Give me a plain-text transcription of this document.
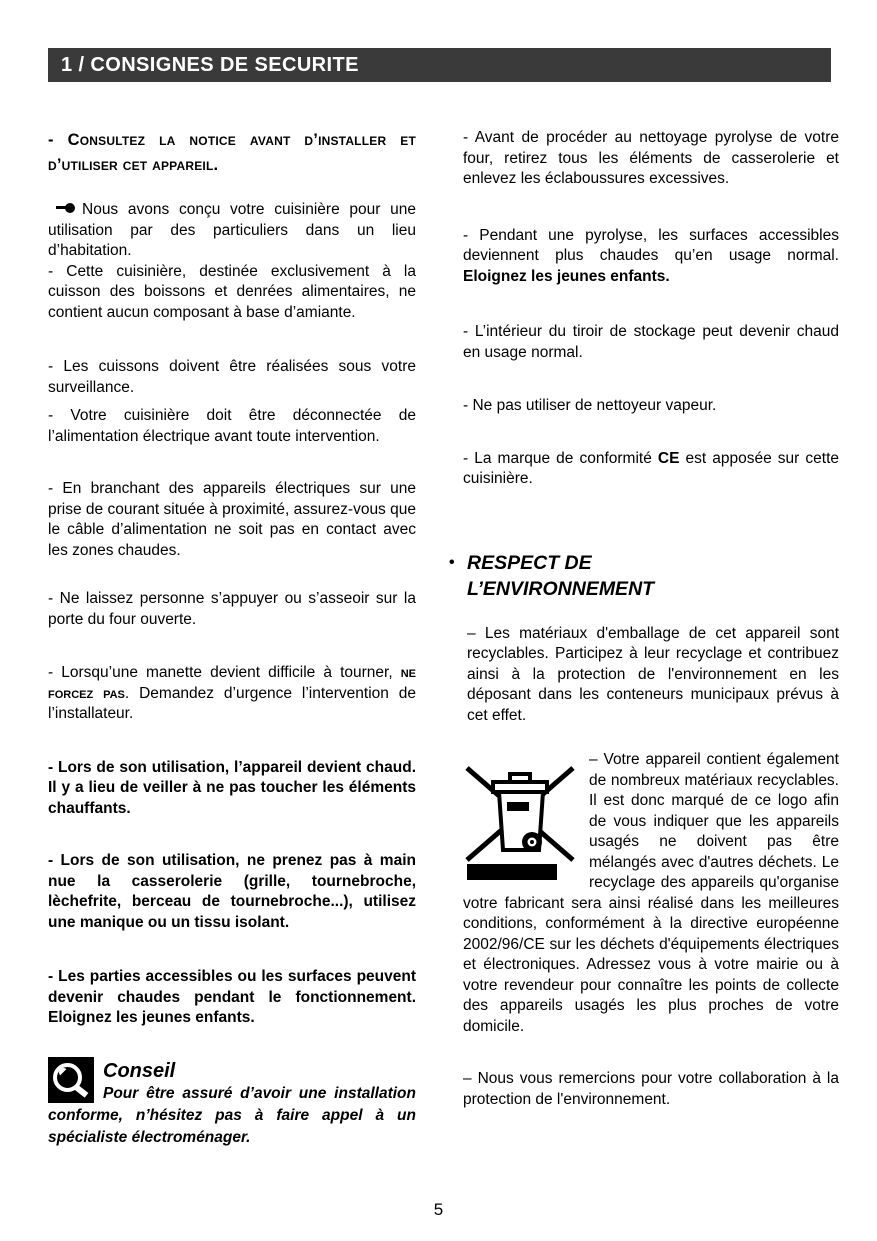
1 / CONSIGNES DE SECURITE

- Consultez la notice avant d’installer et d’utiliser cet appareil.

Nous avons conçu votre cuisinière pour une utilisation par des particuliers dans un lieu d’habitation.

- Cette cuisinière, destinée exclusivement à la cuisson des boissons et denrées alimentaires, ne contient aucun composant à base d’amiante.

- Les cuissons doivent être réalisées sous votre surveillance.

- Votre cuisinière doit être déconnectée de l’alimentation électrique avant toute intervention.

- En branchant des appareils électriques sur une prise de courant située à proximité, assurez-vous que le câble d’alimentation ne soit pas en contact avec les zones chaudes.

- Ne laissez personne s’appuyer ou s’asseoir sur la porte du four ouverte.

- Lorsqu’une manette devient difficile à tourner, ne forcez pas. Demandez d’urgence l’intervention de l’installateur.

- Lors de son utilisation, l’appareil devient chaud. Il y a lieu de veiller à ne pas toucher les éléments chauffants.

- Lors de son utilisation, ne prenez pas à main nue la casserolerie (grille, tournebroche, lèchefrite, berceau de tournebroche...), utilisez une manique ou un tissu isolant.

- Les parties accessibles ou les surfaces peuvent devenir chaudes pendant le fonctionnement. Eloignez les jeunes enfants.

Conseil

Pour être assuré d’avoir une installation conforme, n’hésitez pas à faire appel à un spécialiste électroménager.

- Avant de procéder au nettoyage pyrolyse de votre four, retirez tous les éléments de casserolerie et enlevez les éclaboussures excessives.

- Pendant une pyrolyse, les surfaces accessibles deviennent plus chaudes qu’en usage normal. Eloignez les jeunes enfants.

- L’intérieur du tiroir de stockage peut devenir chaud en usage normal.

- Ne pas utiliser de nettoyeur vapeur.

- La marque de conformité CE est apposée sur cette cuisinière.

• RESPECT DE L’ENVIRONNEMENT

– Les matériaux d'emballage de cet appareil sont recyclables. Participez à leur recyclage et contribuez ainsi à la protection de l'environnement en les déposant dans les conteneurs municipaux prévus à cet effet.

– Votre appareil contient également de nombreux matériaux recyclables. Il est donc marqué de ce logo afin de vous indiquer que les appareils usagés ne doivent pas être mélangés avec d'autres déchets. Le recyclage des appareils qu'organise votre fabricant sera ainsi réalisé dans les meilleures conditions, conformément à la directive européenne 2002/96/CE sur les déchets d'équipements électriques et électroniques. Adressez vous à votre mairie ou à votre revendeur pour connaître les points de collecte des appareils usagés les plus proches de votre domicile.

– Nous vous remercions pour votre collaboration à la protection de l'environnement.

5
